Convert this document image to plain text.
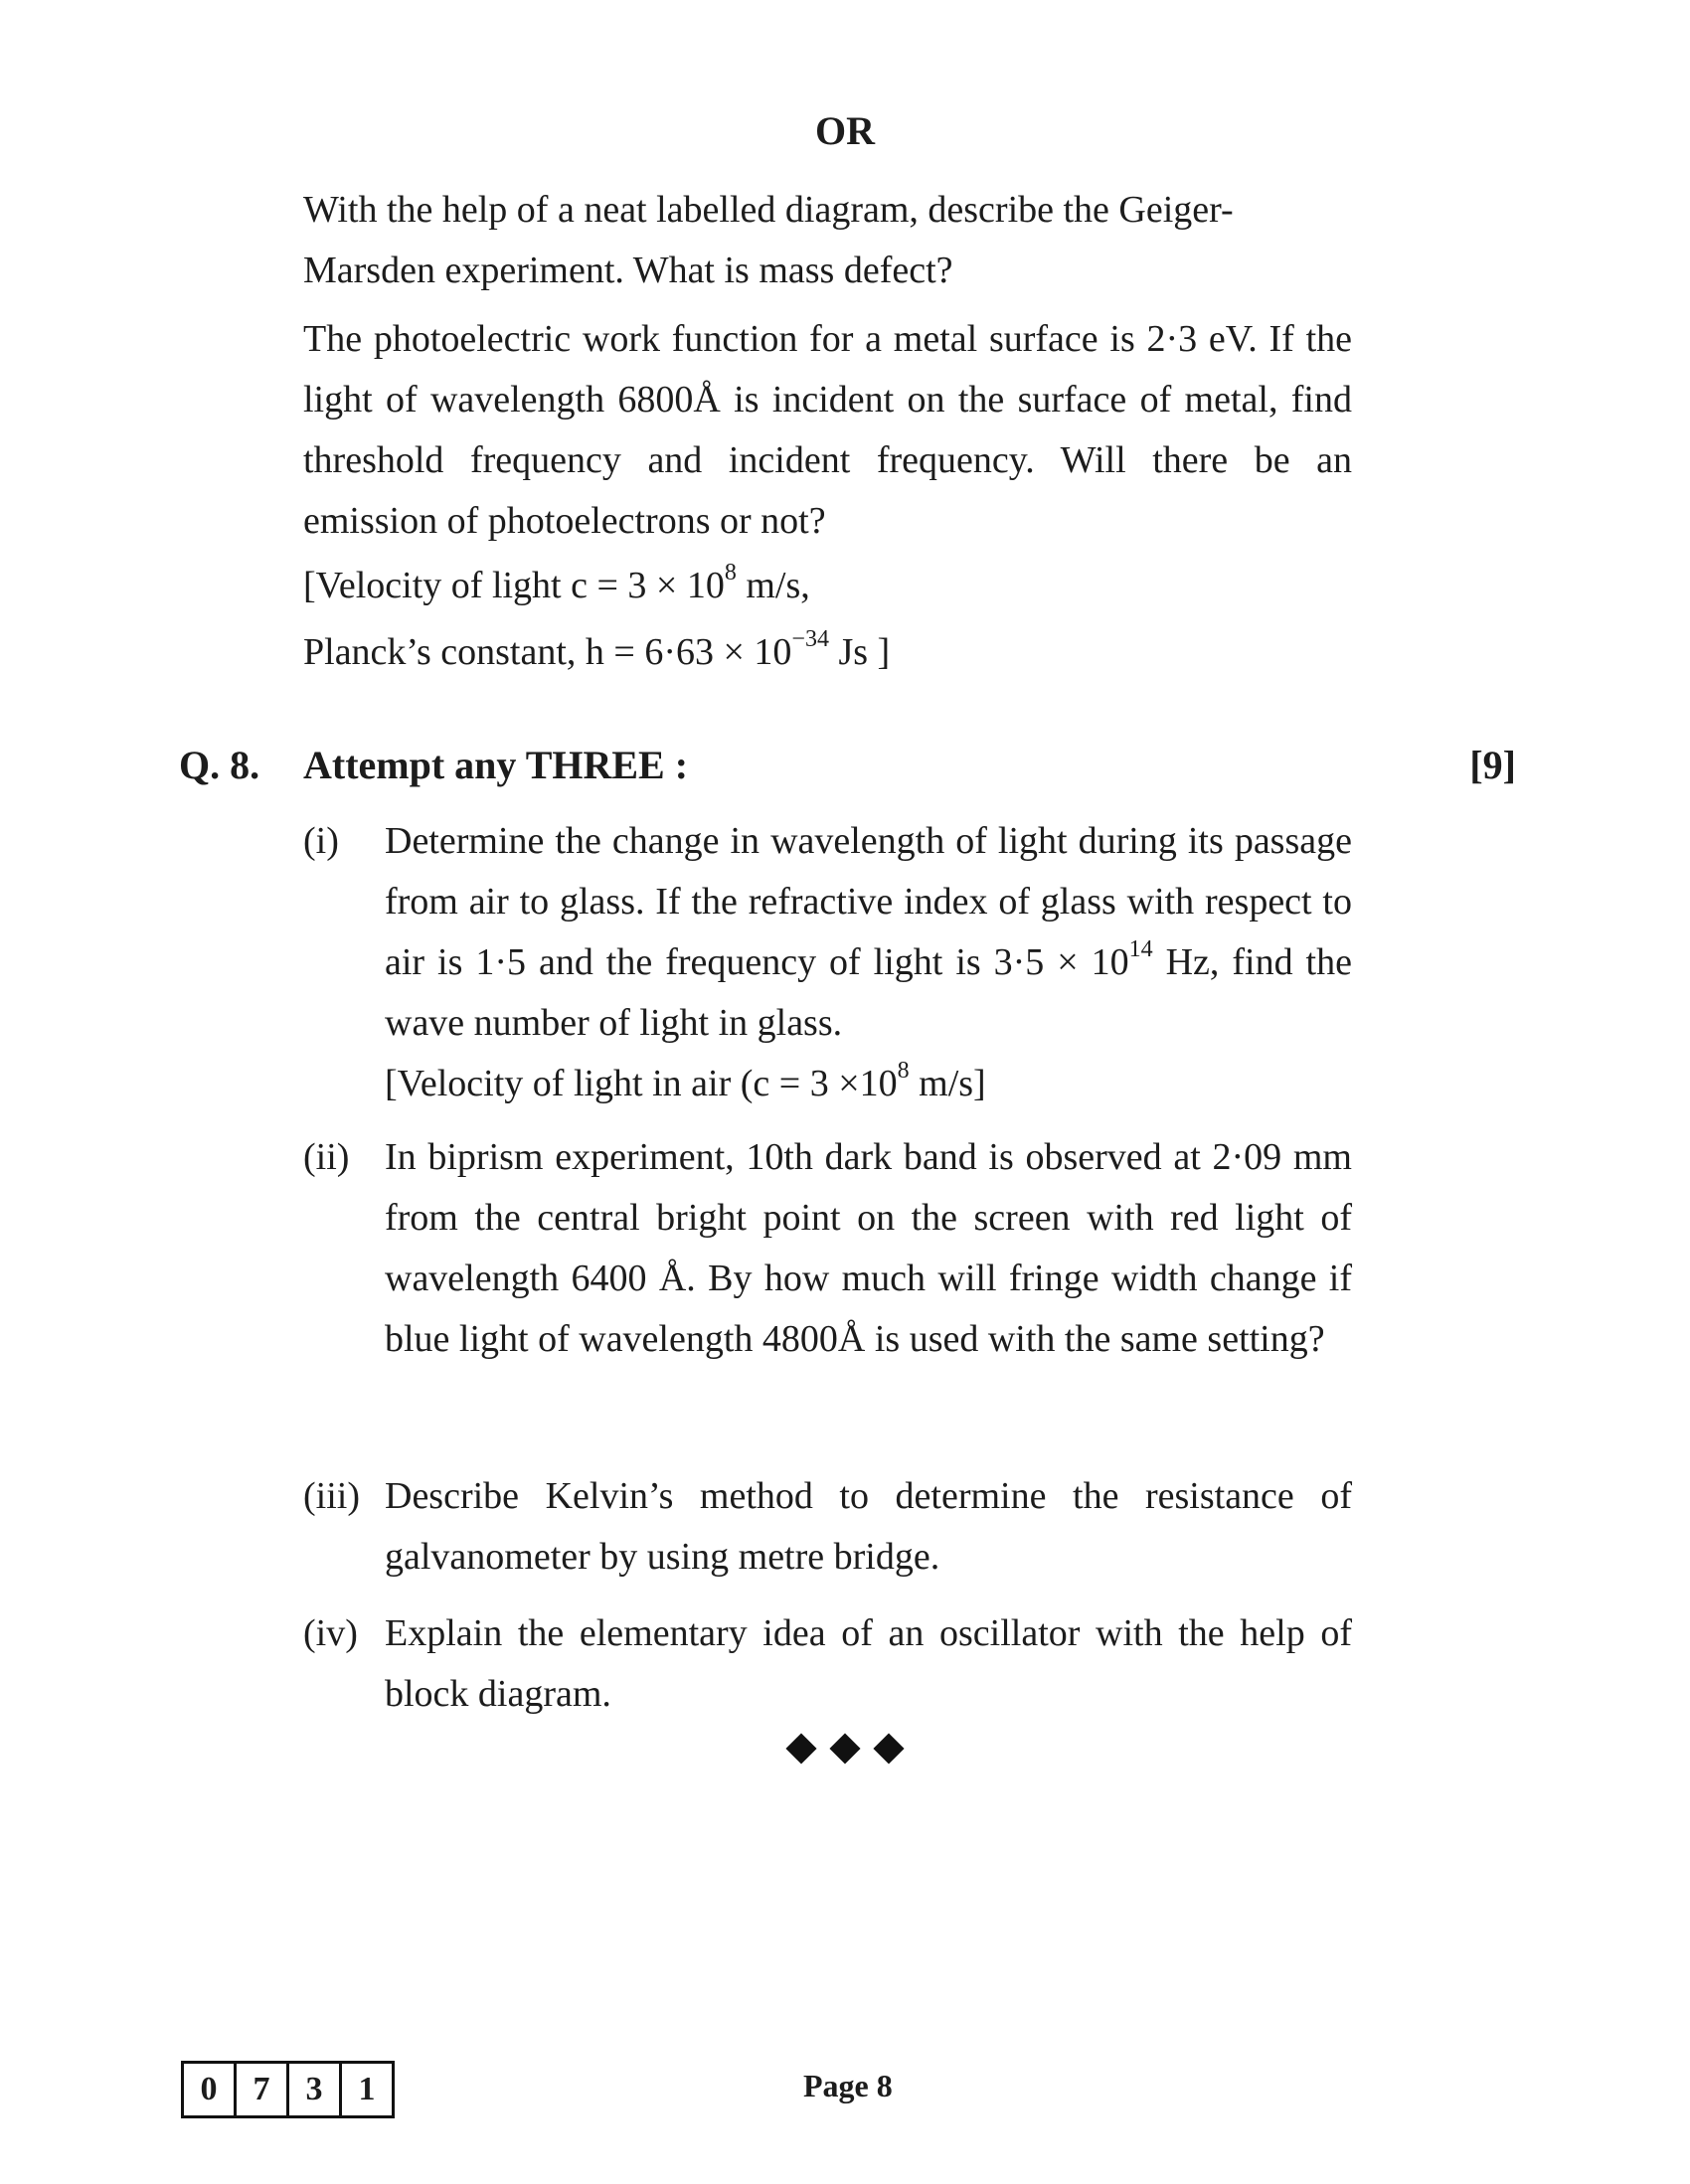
OR

With the help of a neat labelled diagram, describe the Geiger-

Marsden experiment. What is mass defect?

The photoelectric work function for a metal surface is 2·3 eV. If the light of wavelength 6800Å is incident on the surface of metal, find threshold frequency and incident frequency. Will there be an emission of photoelectrons or not?

[Velocity of light $c = 3 \times 10^8$ m/s,

Planck’s constant, $h = 6\cdot 63 \times 10^{-34}$ Js ]

Q. 8. Attempt any THREE :	[9]
(i) Determine the change in wavelength of light during its passage from air to glass. If the refractive index of glass with respect to air is 1·5 and the frequency of light is $3\cdot 5 \times 10^{14}$ Hz, find the wave number of light in glass.

[Velocity of light in air ($c = 3 \times 10^8$ m/s]

(ii) In biprism experiment, 10th dark band is observed at 2·09 mm from the central bright point on the screen with red light of wavelength 6400 Å. By how much will fringe width change if blue light of wavelength 4800Å is used with the same setting?

(iii) Describe Kelvin’s method to determine the resistance of galvanometer by using metre bridge.

(iv) Explain the elementary idea of an oscillator with the help of block diagram.

0	7	3	1	Page 8
